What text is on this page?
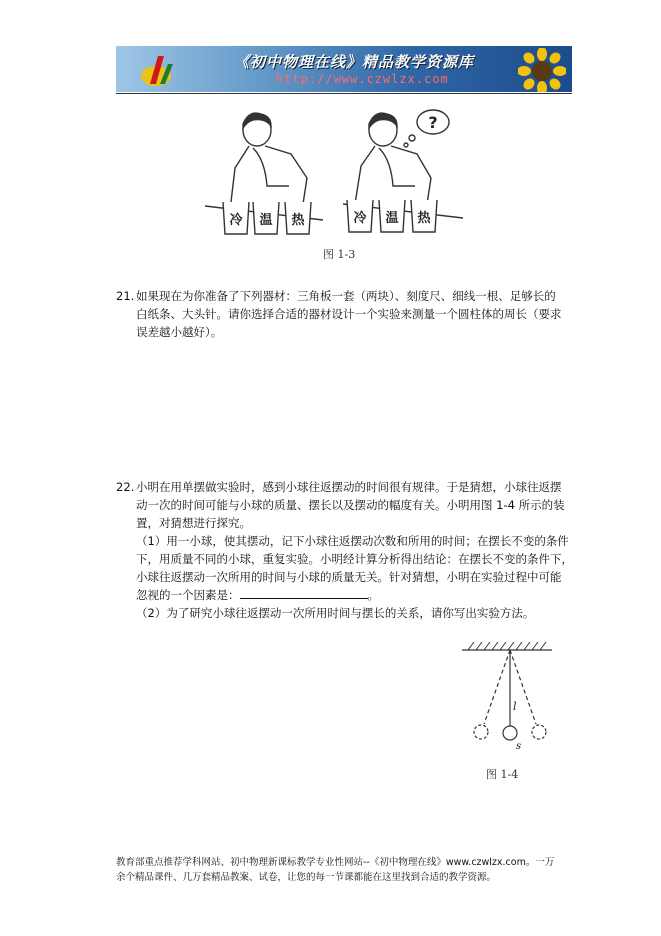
《初中物理在线》精品教学资源库
http://www.czwlzx.com
?
冷 温 热	冷 温 热
图 1-3
21. 如果现在为你准备了下列器材：三角板一套（两块）、刻度尺、细线一根、足够长的
白纸条、大头针。请你选择合适的器材设计一个实验来测量一个圆柱体的周长（要求
误差越小越好）。
22. 小明在用单摆做实验时，感到小球往返摆动的时间很有规律。于是猜想，小球往返摆
动一次的时间可能与小球的质量、摆长以及摆动的幅度有关。小明用图 1-4 所示的装
置，对猜想进行探究。
（1）用一小球，使其摆动，记下小球往返摆动次数和所用的时间；在摆长不变的条件
下，用质量不同的小球，重复实验。小明经计算分析得出结论：在摆长不变的条件下，
小球往返摆动一次所用的时间与小球的质量无关。针对猜想，小明在实验过程中可能
忽视的一个因素是：	。
（2）为了研究小球往返摆动一次所用时间与摆长的关系，请你写出实验方法。
l
s
图 1-4
教育部重点推荐学科网站、初中物理新课标教学专业性网站--《初中物理在线》www.czwlzx.com。一万
余个精品课件、几万套精品教案、试卷，让您的每一节课都能在这里找到合适的教学资源。
